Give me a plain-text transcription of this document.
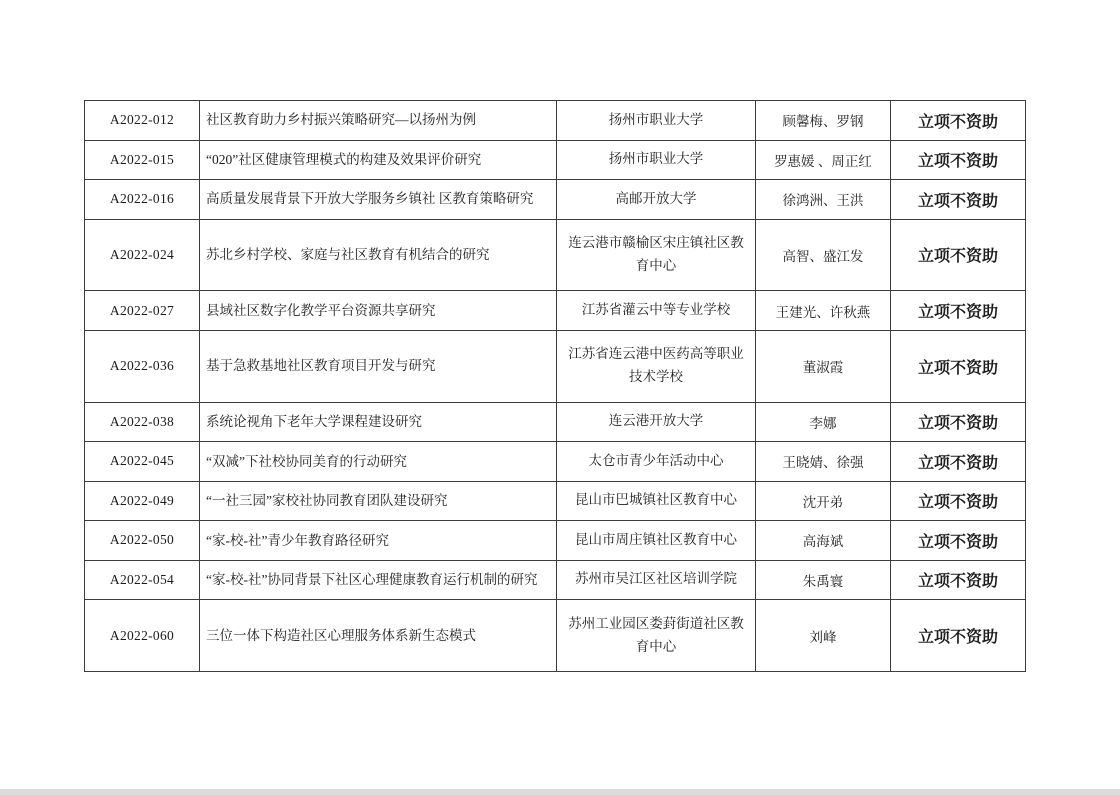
A2022-012	社区教育助力乡村振兴策略研究—以扬州为例	扬州市职业大学	顾馨梅、罗钢	立项不资助
A2022-015	“020”社区健康管理模式的构建及效果评价研究	扬州市职业大学	罗惠媛 、周正红	立项不资助
A2022-016	高质量发展背景下开放大学服务乡镇社 区教育策略研究	高邮开放大学	徐鸿洲、王洪	立项不资助
A2022-024	苏北乡村学校、家庭与社区教育有机结合的研究	连云港市赣榆区宋庄镇社区教育中心	高智、盛江发	立项不资助
A2022-027	县域社区数字化教学平台资源共享研究	江苏省灌云中等专业学校	王建光、许秋燕	立项不资助
A2022-036	基于急救基地社区教育项目开发与研究	江苏省连云港中医药高等职业技术学校	董淑霞	立项不资助
A2022-038	系统论视角下老年大学课程建设研究	连云港开放大学	李娜	立项不资助
A2022-045	“双减”下社校协同美育的行动研究	太仓市青少年活动中心	王晓婧、徐强	立项不资助
A2022-049	“一社三园”家校社协同教育团队建设研究	昆山市巴城镇社区教育中心	沈开弟	立项不资助
A2022-050	“家-校-社”青少年教育路径研究	昆山市周庄镇社区教育中心	高海斌	立项不资助
A2022-054	“家-校-社”协同背景下社区心理健康教育运行机制的研究	苏州市吴江区社区培训学院	朱禹寰	立项不资助
A2022-060	三位一体下构造社区心理服务体系新生态模式	苏州工业园区娄葑街道社区教育中心	刘峰	立项不资助
